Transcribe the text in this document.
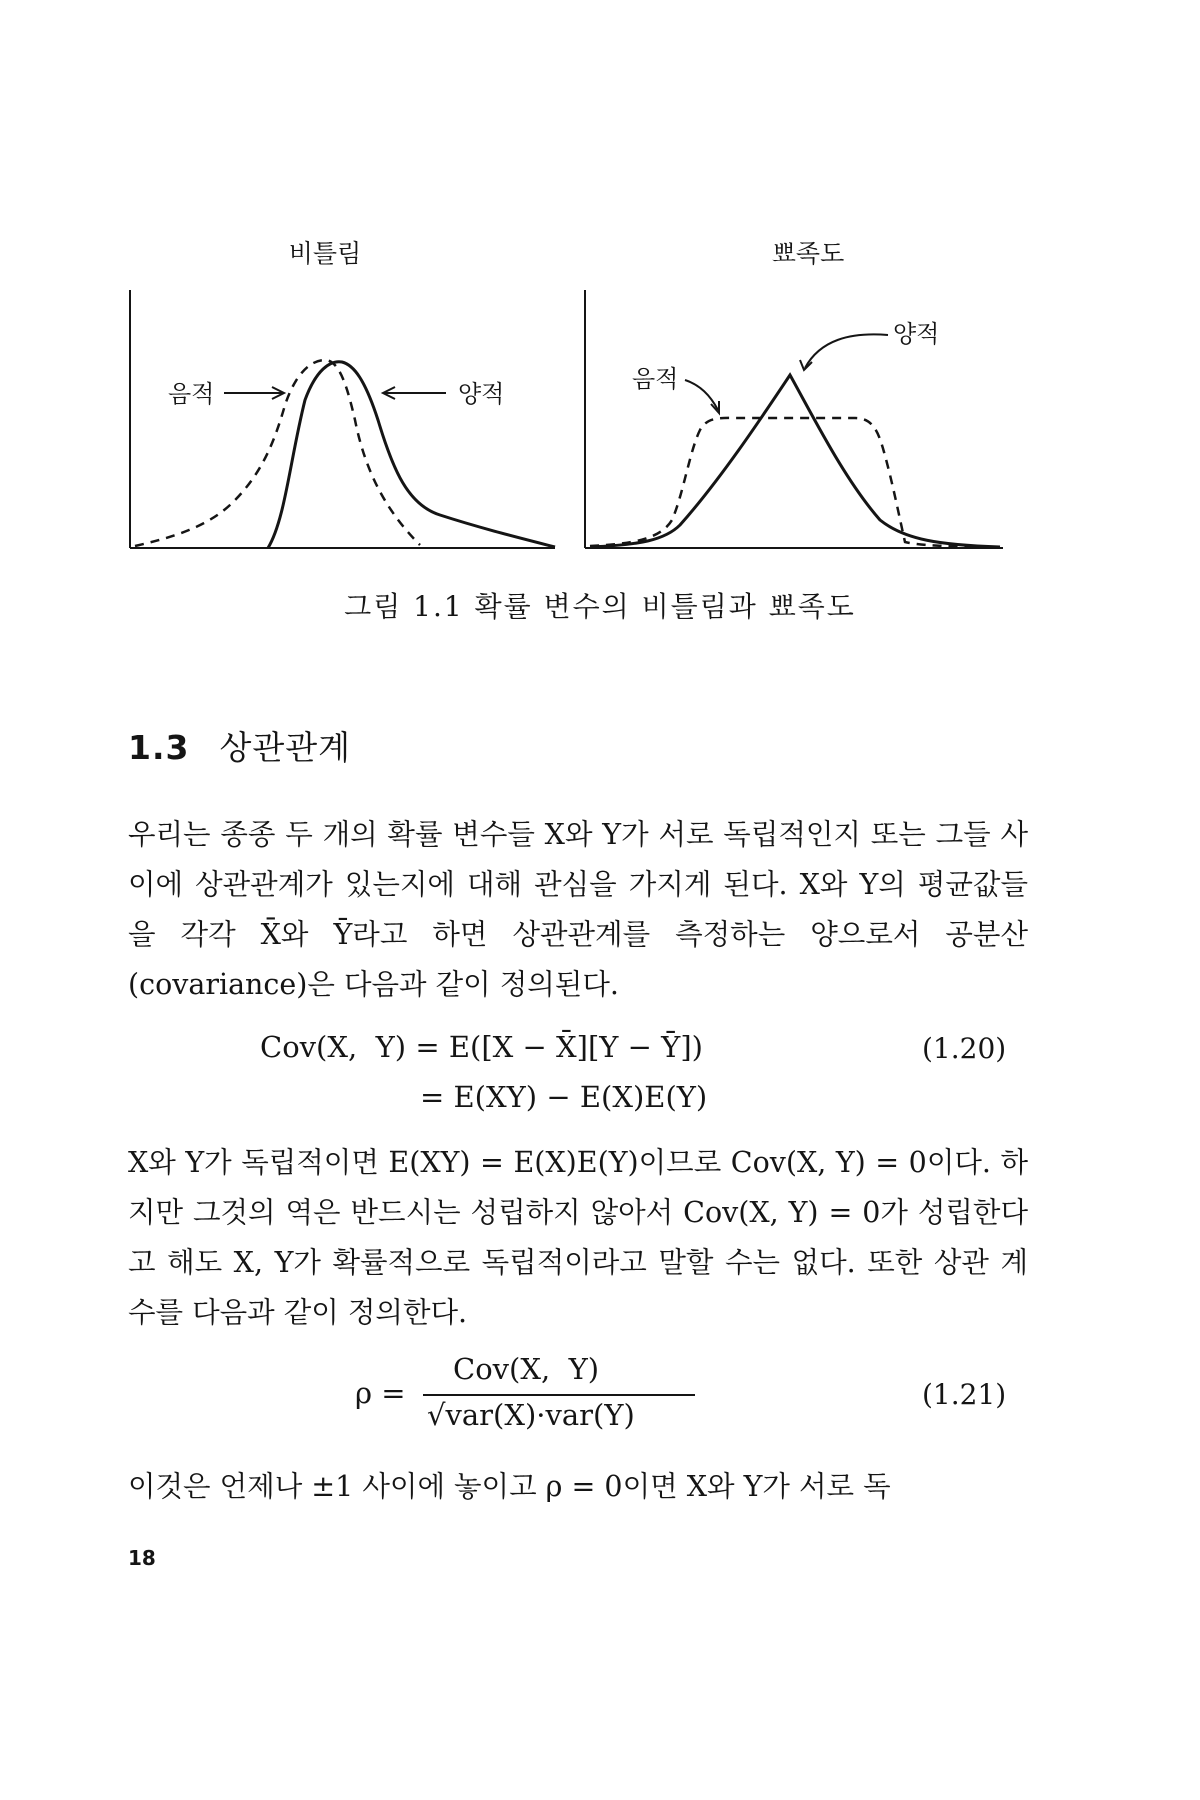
비틀림
음적	양적
뾰족도
음적
양적
그림 1.1 확률 변수의 비틀림과 뾰족도
1.3 상관관계
우리는 종종 두 개의 확률 변수들 X와 Y가 서로 독립적인지 또는 그들 사이에 상관관계가 있는지에 대해 관심을 가지게 된다. X와 Y의 평균값들을 각각 X̄와 Ȳ라고 하면 상관관계를 측정하는 양으로서 공분산(covariance)은 다음과 같이 정의된다.
Cov(X,  Y) = E([X − X̄][Y − Ȳ])	(1.20)
= E(XY) − E(X)E(Y)
X와 Y가 독립적이면 E(XY) = E(X)E(Y)이므로 Cov(X, Y) = 0이다. 하지만 그것의 역은 반드시는 성립하지 않아서 Cov(X, Y) = 0가 성립한다고 해도 X, Y가 확률적으로 독립적이라고 말할 수는 없다. 또한 상관 계수를 다음과 같이 정의한다.
ρ =
Cov(X,  Y)
√var(X)·var(Y)
(1.21)
이것은 언제나 ±1 사이에 놓이고 ρ = 0이면 X와 Y가 서로 독
18
